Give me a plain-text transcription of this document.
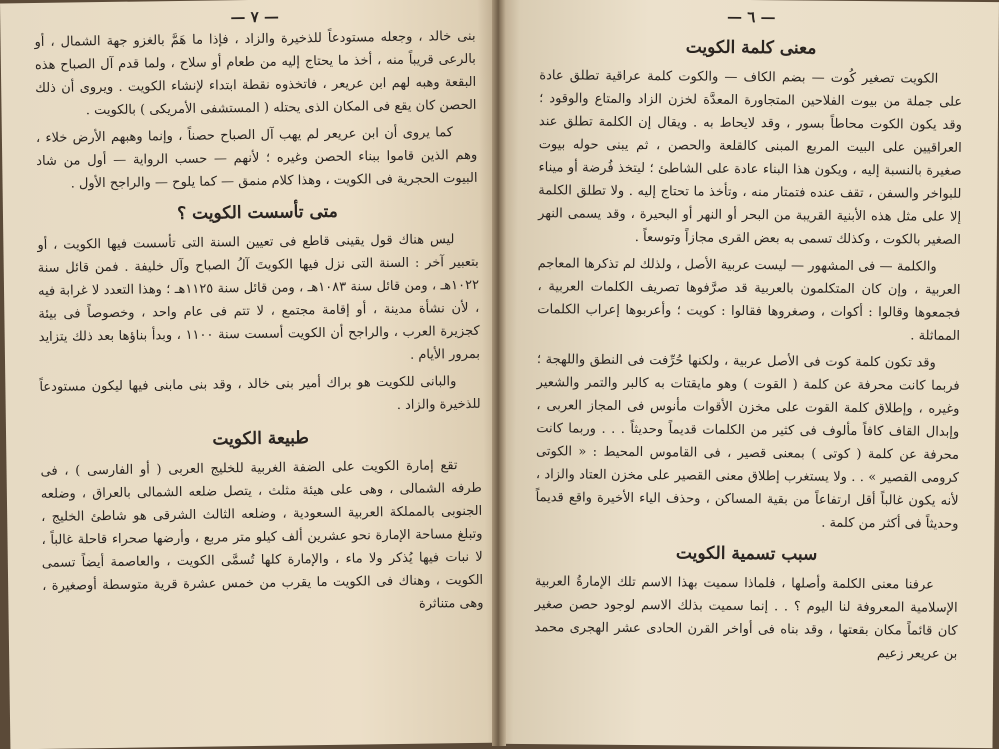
— ٧ —

بنى خالد ، وجعله مستودعاً للذخيرة والزاد ، فإذا ما هَمَّ بالغزو جهة الشمال ، أو بالرعى قريباً منه ، أخذ ما يحتاج إليه من طعام أو سلاح ، ولما قدم آل الصباح هذه البقعة وهبه لهم ابن عريعر ، فاتخذوه نقطة ابتداء لإنشاء الكويت . ويروى أن ذلك الحصن كان يقع فى المكان الذى يحتله ( المستشفى الأمريكى ) بالكويت .

كما يروى أن ابن عريعر لم يهب آل الصباح حصناً ، وإنما وهبهم الأرض خلاء ، وهم الذين قاموا ببناء الحصن وغيره ؛ لأنهم — حسب الرواية — أول من شاد البيوت الحجرية فى الكويت ، وهذا كلام منمق — كما يلوح — والراجح الأول .

متى تأسست الكويت ؟

ليس هناك قول يقينى قاطع فى تعيين السنة التى تأسست فيها الكويت ، أو بتعبير آخر : السنة التى نزل فيها الكويتَ آلُ الصباح وآل خليفة . فمن قائل سنة ١٠٢٢هـ ، ومن قائل سنة ١٠٨٣هـ ، ومن قائل سنة ١١٢٥هـ ؛ وهذا التعدد لا غرابة فيه ، لأن نشأة مدينة ، أو إقامة مجتمع ، لا تتم فى عام واحد ، وخصوصاً فى بيئة كجزيرة العرب ، والراجح أن الكويت أسست سنة ١١٠٠ ، وبدأ بناؤها بعد ذلك يتزايد بمرور الأيام .

والبانى للكويت هو براك أمير بنى خالد ، وقد بنى مابنى فيها ليكون مستودعاً للذخيرة والزاد .

طبيعة الكويت

تقع إمارة الكويت على الضفة الغربية للخليج العربى ( أو الفارسى ) ، فى طرفه الشمالى ، وهى على هيئة مثلث ، يتصل ضلعه الشمالى بالعراق ، وضلعه الجنوبى بالمملكة العربية السعودية ، وضلعه الثالث الشرقى هو شاطئ الخليج ، وتبلغ مساحة الإمارة نحو عشرين ألف كيلو متر مربع ، وأرضها صحراء قاحلة غالباً ، لا نبات فيها يُذكر ولا ماء ، والإمارة كلها تُسمَّى الكويت ، والعاصمة أيضاً تسمى الكويت ، وهناك فى الكويت ما يقرب من خمس عشرة قرية متوسطة أوصغيرة ، وهى متناثرة

— ٦ —
معنى كلمة الكويت

الكويت تصغير كُوت — بضم الكاف — والكوت كلمة عراقية تطلق عادة على جملة من بيوت الفلاحين المتجاورة المعدَّة لخزن الزاد والمتاع والوقود ؛ وقد يكون الكوت محاطاً بسور ، وقد لايحاط به . ويقال إن الكلمة تطلق عند العراقيين على البيت المربع المبنى كالقلعة والحصن ، ثم يبنى حوله بيوت صغيرة بالنسبة إليه ، ويكون هذا البناء عادة على الشاطئ ؛ ليتخذ فُرضة أو ميناء للبواخر والسفن ، تقف عنده فتمتار منه ، وتأخذ ما تحتاج إليه . ولا تطلق الكلمة إلا على مثل هذه الأبنية القريبة من البحر أو النهر أو البحيرة ، وقد يسمى النهر الصغير بالكوت ، وكذلك تسمى به بعض القرى مجازاً وتوسعاً .

والكلمة — فى المشهور — ليست عربية الأصل ، ولذلك لم تذكرها المعاجم العربية ، وإن كان المتكلمون بالعربية قد صرَّفوها تصريف الكلمات العربية ، فجمعوها وقالوا : أكوات ، وصغروها فقالوا : كويت ؛ وأعربوها إعراب الكلمات المماثلة .

وقد تكون كلمة كوت فى الأصل عربية ، ولكنها حُرِّفت فى النطق واللهجة ؛ فربما كانت محرفة عن كلمة ( القوت ) وهو مايقتات به كالبر والتمر والشعير وغيره ، وإطلاق كلمة القوت على مخزن الأقوات مأنوس فى المجاز العربى ، وإبدال القاف كافاً مألوف فى كثير من الكلمات قديماً وحديثاً . . . وربما كانت محرفة عن كلمة ( كوتى ) بمعنى قصير ، فى القاموس المحيط : « الكوتى كرومى القصير » . . ولا يستغرب إطلاق معنى القصير على مخزن العتاد والزاد ، لأنه يكون غالباً أقل ارتفاعاً من بقية المساكن ، وحذف الياء الأخيرة واقع قديماً وحديثاً فى أكثر من كلمة .

سبب تسمية الكويت

عرفنا معنى الكلمة وأصلها ، فلماذا سميت بهذا الاسم تلك الإمارةُ العربية الإسلامية المعروفة لنا اليوم ؟ . . إنما سميت بذلك الاسم لوجود حصن صغير كان قائماً مكان بقعتها ، وقد بناه فى أواخر القرن الحادى عشر الهجرى محمد بن عريعر زعيم
